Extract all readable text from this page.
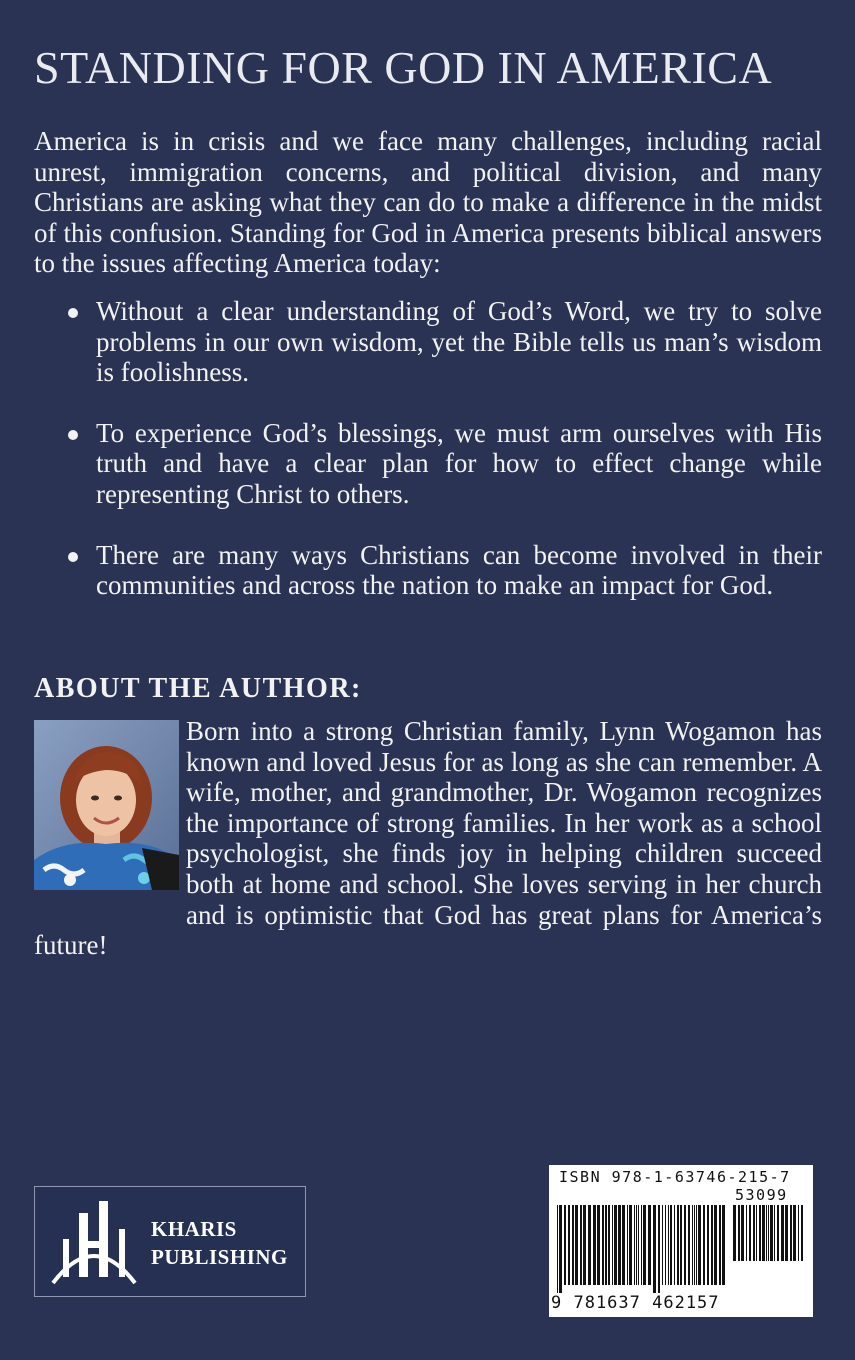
STANDING FOR GOD IN AMERICA
America is in crisis and we face many challenges, including racial unrest, immigration concerns, and political division, and many Christians are asking what they can do to make a difference in the midst of this confusion. Standing for God in America presents biblical answers to the issues affecting America today:
Without a clear understanding of God’s Word, we try to solve problems in our own wisdom, yet the Bible tells us man’s wisdom is foolishness.
To experience God’s blessings, we must arm ourselves with His truth and have a clear plan for how to effect change while representing Christ to others.
There are many ways Christians can become involved in their communities and across the nation to make an impact for God.
ABOUT THE AUTHOR:
Born into a strong Christian family, Lynn Wogamon has known and loved Jesus for as long as she can remember. A wife, mother, and grandmother, Dr. Wogamon recognizes the importance of strong families. In her work as a school psychologist, she finds joy in helping children succeed both at home and school. She loves serving in her church and is optimistic that God has great plans for America’s future!
KHARIS
PUBLISHING
ISBN 978-1-63746-215-7
53099
9 781637 462157
